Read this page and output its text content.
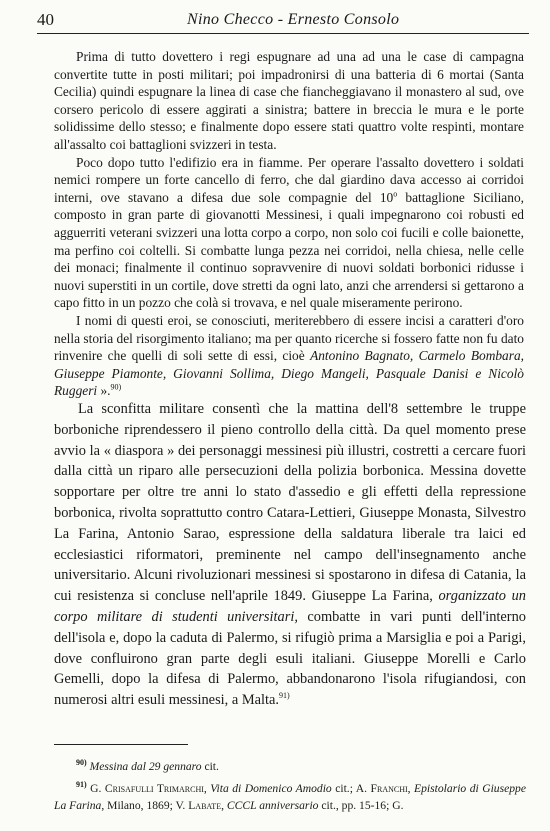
40	Nino Checco - Ernesto Consolo

Prima di tutto dovettero i regi espugnare ad una ad una le case di campagna convertite tutte in posti militari; poi impadronirsi di una batteria di 6 mortai (Santa Cecilia) quindi espugnare la linea di case che fiancheggiavano il monastero al sud, ove corsero pericolo di essere aggirati a sinistra; battere in breccia le mura e le porte solidissime dello stesso; e finalmente dopo essere stati quattro volte respinti, montare all'assalto coi battaglioni svizzeri in testa.

Poco dopo tutto l'edifizio era in fiamme. Per operare l'assalto dovettero i soldati nemici rompere un forte cancello di ferro, che dal giardino dava accesso ai corridoi interni, ove stavano a difesa due sole compagnie del 10$^o$ battaglione Siciliano, composto in gran parte di giovanotti Messinesi, i quali impegnarono coi robusti ed agguerriti veterani svizzeri una lotta corpo a corpo, non solo coi fucili e colle baionette, ma perfino coi coltelli. Si combatte lunga pezza nei corridoi, nella chiesa, nelle celle dei monaci; finalmente il continuo sopravvenire di nuovi soldati borbonici ridusse i nuovi superstiti in un cortile, dove stretti da ogni lato, anzi che arrendersi si gettarono a capo fitto in un pozzo che colà si trovava, e nel quale miseramente perirono.

I nomi di questi eroi, se conosciuti, meriterebbero di essere incisi a caratteri d'oro nella storia del risorgimento italiano; ma per quanto ricerche si fossero fatte non fu dato rinvenire che quelli di soli sette di essi, cioè Antonino Bagnato, Carmelo Bombara, Giuseppe Piamonte, Giovanni Sollima, Diego Mangeli, Pasquale Danisi e Nicolò Ruggeri ».$^{90)}$

La sconfitta militare consentì che la mattina dell'8 settembre le truppe borboniche riprendessero il pieno controllo della città. Da quel momento prese avvio la « diaspora » dei personaggi messinesi più illustri, costretti a cercare fuori dalla città un riparo alle persecuzioni della polizia borbonica. Messina dovette sopportare per oltre tre anni lo stato d'assedio e gli effetti della repressione borbonica, rivolta soprattutto contro Catara-Lettieri, Giuseppe Monasta, Silvestro La Farina, Antonio Sarao, espressione della saldatura liberale tra laici ed ecclesiastici riformatori, preminente nel campo dell'insegnamento anche universitario. Alcuni rivoluzionari messinesi si spostarono in difesa di Catania, la cui resistenza si concluse nell'aprile 1849. Giuseppe La Farina, organizzato un corpo militare di studenti universitari, combatte in vari punti dell'interno dell'isola e, dopo la caduta di Palermo, si rifugiò prima a Marsiglia e poi a Parigi, dove confluirono gran parte degli esuli italiani. Giuseppe Morelli e Carlo Gemelli, dopo la difesa di Palermo, abbandonarono l'isola rifugiandosi, con numerosi altri esuli messinesi, a Malta.$^{91)}$

$^{90)}$ Messina dal 29 gennaro cit.

$^{91)}$ G. Crisafulli Trimarchi, Vita di Domenico Amodio cit.; A. Franchi, Epistolario di Giuseppe La Farina, Milano, 1869; V. Labate, CCCL anniversario cit., pp. 15-16; G.
